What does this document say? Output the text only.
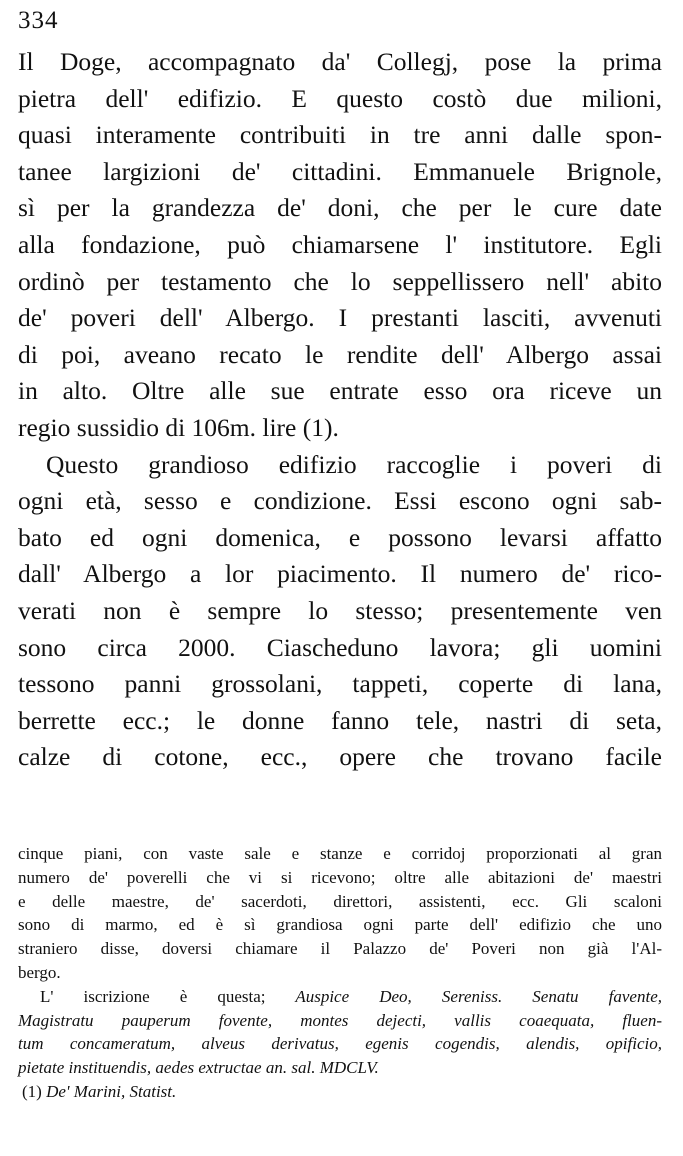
334
Il Doge, accompagnato da' Collegj, pose la prima
pietra dell' edifizio. E questo costò due milioni,
quasi interamente contribuiti in tre anni dalle spon-
tanee largizioni de' cittadini. Emmanuele Brignole,
sì per la grandezza de' doni, che per le cure date
alla fondazione, può chiamarsene l' institutore. Egli
ordinò per testamento che lo seppellissero nell' abito
de' poveri dell' Albergo. I prestanti lasciti, avvenuti
di poi, aveano recato le rendite dell' Albergo assai
in alto. Oltre alle sue entrate esso ora riceve un
regio sussidio di 106m. lire (1).
Questo grandioso edifizio raccoglie i poveri di
ogni età, sesso e condizione. Essi escono ogni sab-
bato ed ogni domenica, e possono levarsi affatto
dall' Albergo a lor piacimento. Il numero de' rico-
verati non è sempre lo stesso; presentemente ven
sono circa 2000. Ciascheduno lavora; gli uomini
tessono panni grossolani, tappeti, coperte di lana,
berrette ecc.; le donne fanno tele, nastri di seta,
calze di cotone, ecc., opere che trovano facile
cinque piani, con vaste sale e stanze e corridoj proporzionati al gran
numero de' poverelli che vi si ricevono; oltre alle abitazioni de' maestri
e delle maestre, de' sacerdoti, direttori, assistenti, ecc. Gli scaloni
sono di marmo, ed è sì grandiosa ogni parte dell' edifizio che uno
straniero disse, doversi chiamare il Palazzo de' Poveri non già l'Al-
bergo.
L' iscrizione è questa; Auspice Deo, Sereniss. Senatu favente,
Magistratu pauperum fovente, montes dejecti, vallis coaequata, fluen-
tum concameratum, alveus derivatus, egenis cogendis, alendis, opificio,
pietate instituendis, aedes extructae an. sal. MDCLV.
(1) De' Marini, Statist.
